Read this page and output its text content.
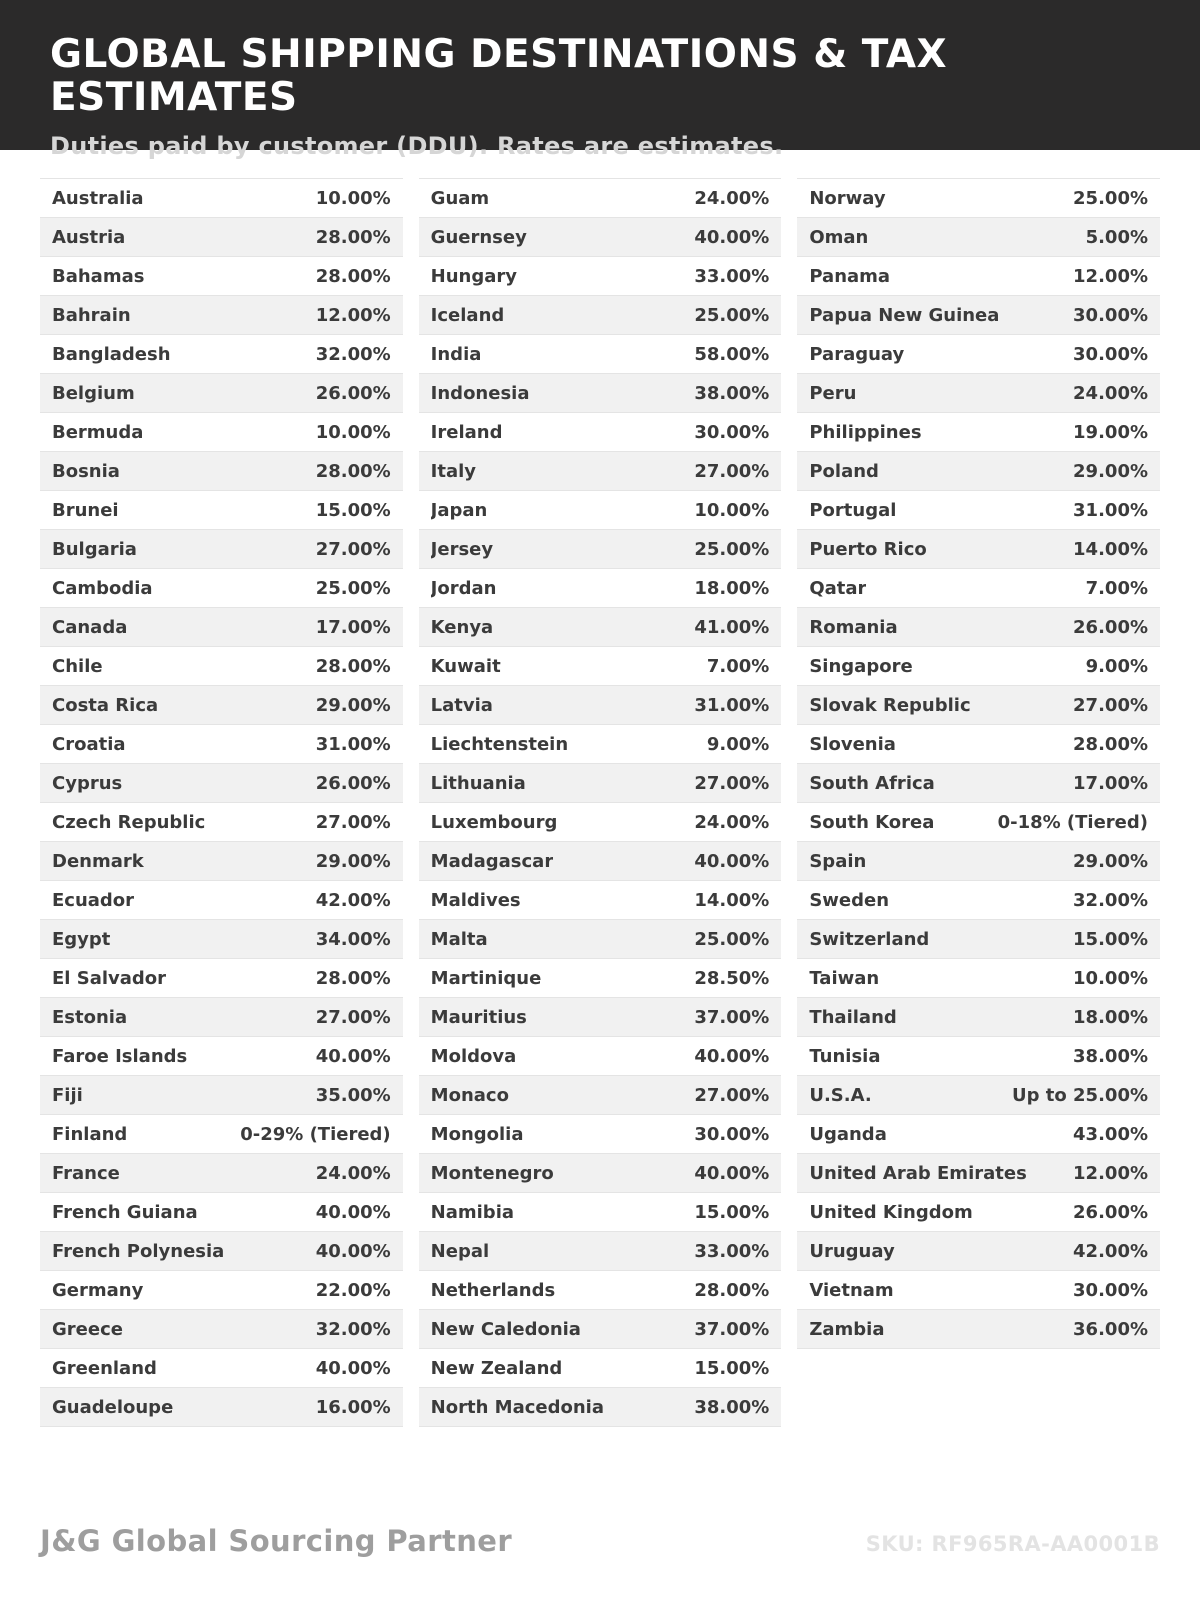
GLOBAL SHIPPING DESTINATIONS & TAX ESTIMATES

Duties paid by customer (DDU). Rates are estimates.

Australia	10.00%
Austria	28.00%
Bahamas	28.00%
Bahrain	12.00%
Bangladesh	32.00%
Belgium	26.00%
Bermuda	10.00%
Bosnia	28.00%
Brunei	15.00%
Bulgaria	27.00%
Cambodia	25.00%
Canada	17.00%
Chile	28.00%
Costa Rica	29.00%
Croatia	31.00%
Cyprus	26.00%
Czech Republic	27.00%
Denmark	29.00%
Ecuador	42.00%
Egypt	34.00%
El Salvador	28.00%
Estonia	27.00%
Faroe Islands	40.00%
Fiji	35.00%
Finland	0-29% (Tiered)
France	24.00%
French Guiana	40.00%
French Polynesia	40.00%
Germany	22.00%
Greece	32.00%
Greenland	40.00%
Guadeloupe	16.00%
Guam	24.00%
Guernsey	40.00%
Hungary	33.00%
Iceland	25.00%
India	58.00%
Indonesia	38.00%
Ireland	30.00%
Italy	27.00%
Japan	10.00%
Jersey	25.00%
Jordan	18.00%
Kenya	41.00%
Kuwait	7.00%
Latvia	31.00%
Liechtenstein	9.00%
Lithuania	27.00%
Luxembourg	24.00%
Madagascar	40.00%
Maldives	14.00%
Malta	25.00%
Martinique	28.50%
Mauritius	37.00%
Moldova	40.00%
Monaco	27.00%
Mongolia	30.00%
Montenegro	40.00%
Namibia	15.00%
Nepal	33.00%
Netherlands	28.00%
New Caledonia	37.00%
New Zealand	15.00%
North Macedonia	38.00%
Norway	25.00%
Oman	5.00%
Panama	12.00%
Papua New Guinea	30.00%
Paraguay	30.00%
Peru	24.00%
Philippines	19.00%
Poland	29.00%
Portugal	31.00%
Puerto Rico	14.00%
Qatar	7.00%
Romania	26.00%
Singapore	9.00%
Slovak Republic	27.00%
Slovenia	28.00%
South Africa	17.00%
South Korea	0-18% (Tiered)
Spain	29.00%
Sweden	32.00%
Switzerland	15.00%
Taiwan	10.00%
Thailand	18.00%
Tunisia	38.00%
U.S.A.	Up to 25.00%
Uganda	43.00%
United Arab Emirates	12.00%
United Kingdom	26.00%
Uruguay	42.00%
Vietnam	30.00%
Zambia	36.00%
J&G Global Sourcing Partner	SKU: RF965RA-AA0001B
